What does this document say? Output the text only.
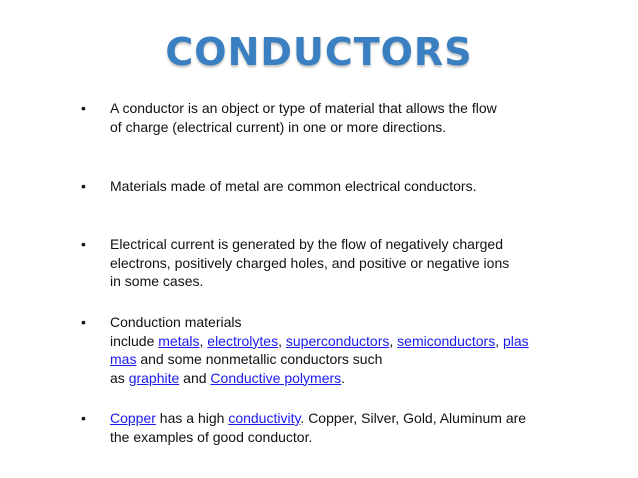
CONDUCTORS
• A conductor is an object or type of material that allows the flow
of charge (electrical current) in one or more directions.
• Materials made of metal are common electrical conductors.
• Electrical current is generated by the flow of negatively charged
electrons, positively charged holes, and positive or negative ions
in some cases.
• Conduction materials
include metals, electrolytes, superconductors, semiconductors, plas
mas and some nonmetallic conductors such
as graphite and Conductive polymers.
• Copper has a high conductivity. Copper, Silver, Gold, Aluminum are
the examples of good conductor.
